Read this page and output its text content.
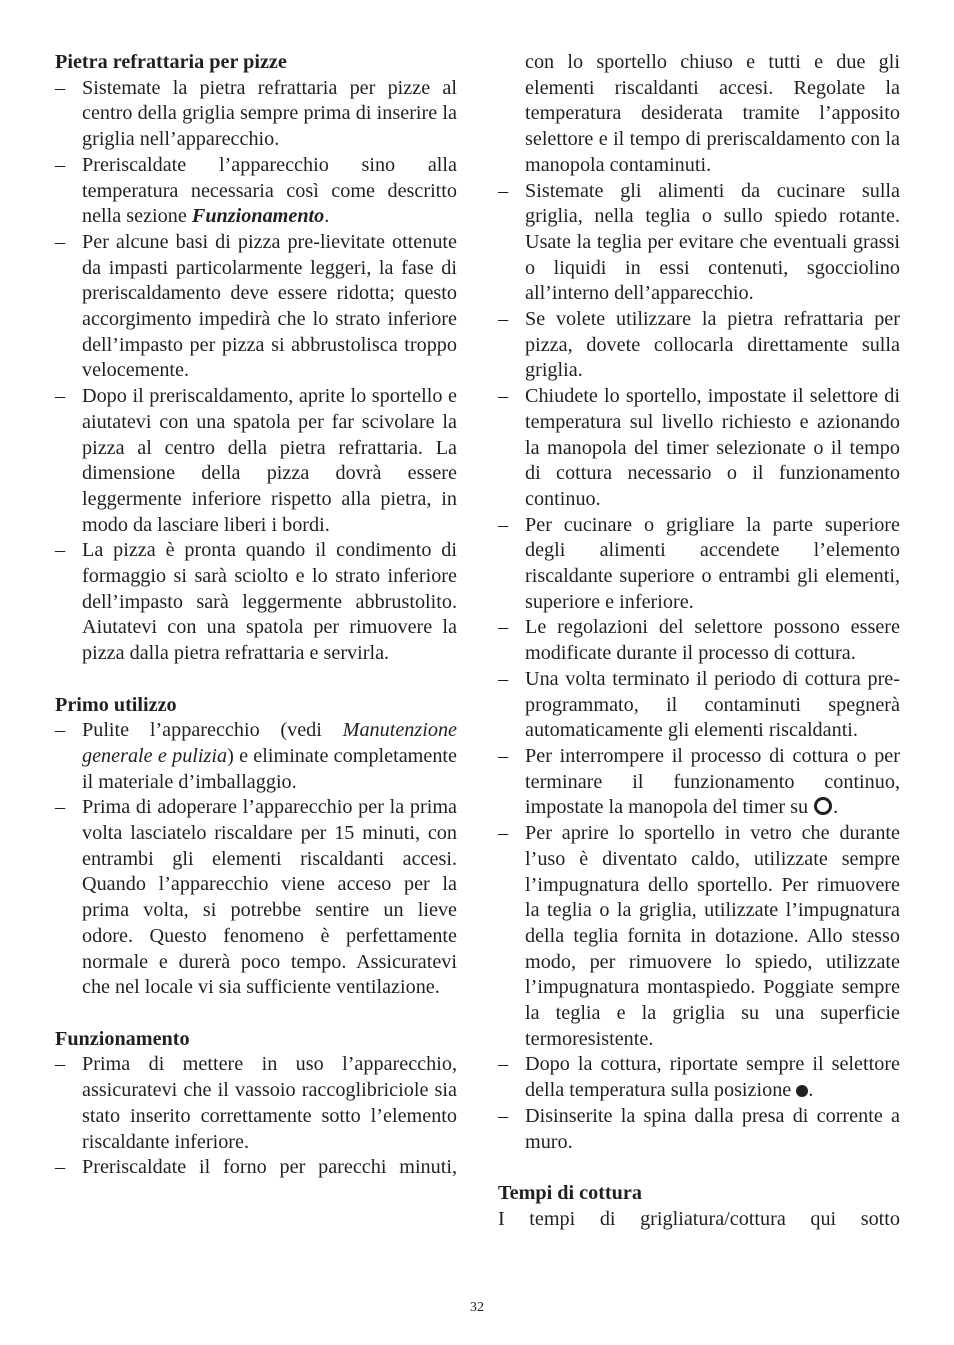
Pietra refrattaria per pizze

– Sistemate la pietra refrattaria per pizze al centro della griglia sempre prima di inserire la griglia nell’apparecchio.
– Preriscaldate l’apparecchio sino alla temperatura necessaria così come descritto nella sezione Funzionamento.
– Per alcune basi di pizza pre-lievitate ottenute da impasti particolarmente leggeri, la fase di preriscaldamento deve essere ridotta; questo accorgimento impedirà che lo strato inferiore dell’impasto per pizza si abbrustolisca troppo velocemente.
– Dopo il preriscaldamento, aprite lo sportello e aiutatevi con una spatola per far scivolare la pizza al centro della pietra refrattaria. La dimensione della pizza dovrà essere leggermente inferiore rispetto alla pietra, in modo da lasciare liberi i bordi.
– La pizza è pronta quando il condimento di formaggio si sarà sciolto e lo strato inferiore dell’impasto sarà leggermente abbrustolito. Aiutatevi con una spatola per rimuovere la pizza dalla pietra refrattaria e servirla.

Primo utilizzo

– Pulite l’apparecchio (vedi Manutenzione generale e pulizia) e eliminate completamente il materiale d’imballaggio.
– Prima di adoperare l’apparecchio per la prima volta lasciatelo riscaldare per 15 minuti, con entrambi gli elementi riscaldanti accesi. Quando l’apparecchio viene acceso per la prima volta, si potrebbe sentire un lieve odore. Questo fenomeno è perfettamente normale e durerà poco tempo. Assicuratevi che nel locale vi sia sufficiente ventilazione.

Funzionamento

– Prima di mettere in uso l’apparecchio, assicuratevi che il vassoio raccoglibriciole sia stato inserito correttamente sotto l’elemento riscaldante inferiore.
– Preriscaldate il forno per parecchi minuti,
con lo sportello chiuso e tutti e due gli elementi riscaldanti accesi. Regolate la temperatura desiderata tramite l’apposito selettore e il tempo di preriscaldamento con la manopola contaminuti.
– Sistemate gli alimenti da cucinare sulla griglia, nella teglia o sullo spiedo rotante. Usate la teglia per evitare che eventuali grassi o liquidi in essi contenuti, sgocciolino all’interno dell’apparecchio.
– Se volete utilizzare la pietra refrattaria per pizza, dovete collocarla direttamente sulla griglia.
– Chiudete lo sportello, impostate il selettore di temperatura sul livello richiesto e azionando la manopola del timer selezionate o il tempo di cottura necessario o il funzionamento continuo.
– Per cucinare o grigliare la parte superiore degli alimenti accendete l’elemento riscaldante superiore o entrambi gli elementi, superiore e inferiore.
– Le regolazioni del selettore possono essere modificate durante il processo di cottura.
– Una volta terminato il periodo di cottura pre-programmato, il contaminuti spegnerà automaticamente gli elementi riscaldanti.
– Per interrompere il processo di cottura o per terminare il funzionamento continuo, impostate la manopola del timer su .
– Per aprire lo sportello in vetro che durante l’uso è diventato caldo, utilizzate sempre l’impugnatura dello sportello. Per rimuovere la teglia o la griglia, utilizzate l’impugnatura della teglia fornita in dotazione. Allo stesso modo, per rimuovere lo spiedo, utilizzate l’impugnatura montaspiedo. Poggiate sempre la teglia e la griglia su una superficie termoresistente.
– Dopo la cottura, riportate sempre il selettore della temperatura sulla posizione .
– Disinserite la spina dalla presa di corrente a muro.

Tempi di cottura

I tempi di grigliatura/cottura qui sotto

32
